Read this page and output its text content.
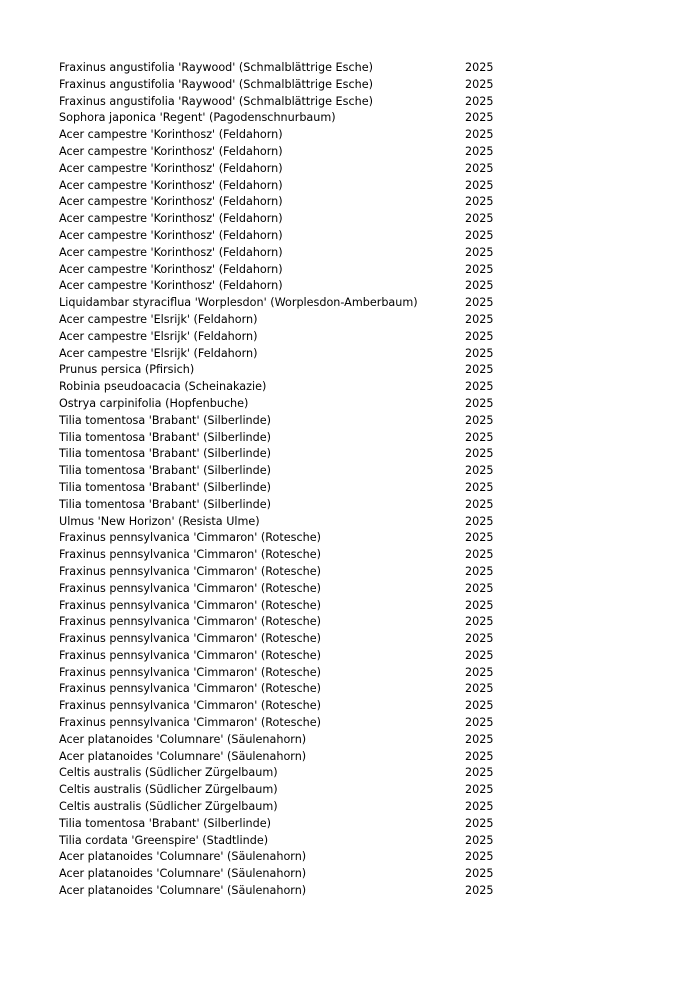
	Fraxinus angustifolia 'Raywood' (Schmalblättrige Esche)	2025	
	Fraxinus angustifolia 'Raywood' (Schmalblättrige Esche)	2025	
	Fraxinus angustifolia 'Raywood' (Schmalblättrige Esche)	2025	
	Sophora japonica 'Regent' (Pagodenschnurbaum)	2025	
	Acer campestre 'Korinthosz' (Feldahorn)	2025	
	Acer campestre 'Korinthosz' (Feldahorn)	2025	
	Acer campestre 'Korinthosz' (Feldahorn)	2025	
	Acer campestre 'Korinthosz' (Feldahorn)	2025	
	Acer campestre 'Korinthosz' (Feldahorn)	2025	
	Acer campestre 'Korinthosz' (Feldahorn)	2025	
	Acer campestre 'Korinthosz' (Feldahorn)	2025	
	Acer campestre 'Korinthosz' (Feldahorn)	2025	
	Acer campestre 'Korinthosz' (Feldahorn)	2025	
	Acer campestre 'Korinthosz' (Feldahorn)	2025	
	Liquidambar styraciflua 'Worplesdon' (Worplesdon-Amberbaum)	2025	
	Acer campestre 'Elsrijk' (Feldahorn)	2025	
	Acer campestre 'Elsrijk' (Feldahorn)	2025	
	Acer campestre 'Elsrijk' (Feldahorn)	2025	
	Prunus persica (Pfirsich)	2025	
	Robinia pseudoacacia (Scheinakazie)	2025	
	Ostrya carpinifolia (Hopfenbuche)	2025	
	Tilia tomentosa 'Brabant' (Silberlinde)	2025	
	Tilia tomentosa 'Brabant' (Silberlinde)	2025	
	Tilia tomentosa 'Brabant' (Silberlinde)	2025	
	Tilia tomentosa 'Brabant' (Silberlinde)	2025	
	Tilia tomentosa 'Brabant' (Silberlinde)	2025	
	Tilia tomentosa 'Brabant' (Silberlinde)	2025	
	Ulmus 'New Horizon' (Resista Ulme)	2025	
	Fraxinus pennsylvanica 'Cimmaron' (Rotesche)	2025	
	Fraxinus pennsylvanica 'Cimmaron' (Rotesche)	2025	
	Fraxinus pennsylvanica 'Cimmaron' (Rotesche)	2025	
	Fraxinus pennsylvanica 'Cimmaron' (Rotesche)	2025	
	Fraxinus pennsylvanica 'Cimmaron' (Rotesche)	2025	
	Fraxinus pennsylvanica 'Cimmaron' (Rotesche)	2025	
	Fraxinus pennsylvanica 'Cimmaron' (Rotesche)	2025	
	Fraxinus pennsylvanica 'Cimmaron' (Rotesche)	2025	
	Fraxinus pennsylvanica 'Cimmaron' (Rotesche)	2025	
	Fraxinus pennsylvanica 'Cimmaron' (Rotesche)	2025	
	Fraxinus pennsylvanica 'Cimmaron' (Rotesche)	2025	
	Fraxinus pennsylvanica 'Cimmaron' (Rotesche)	2025	
	Acer platanoides 'Columnare' (Säulenahorn)	2025	
	Acer platanoides 'Columnare' (Säulenahorn)	2025	
	Celtis australis (Südlicher Zürgelbaum)	2025	
	Celtis australis (Südlicher Zürgelbaum)	2025	
	Celtis australis (Südlicher Zürgelbaum)	2025	
	Tilia tomentosa 'Brabant' (Silberlinde)	2025	
	Tilia cordata 'Greenspire' (Stadtlinde)	2025	
	Acer platanoides 'Columnare' (Säulenahorn)	2025	
	Acer platanoides 'Columnare' (Säulenahorn)	2025	
	Acer platanoides 'Columnare' (Säulenahorn)	2025	
